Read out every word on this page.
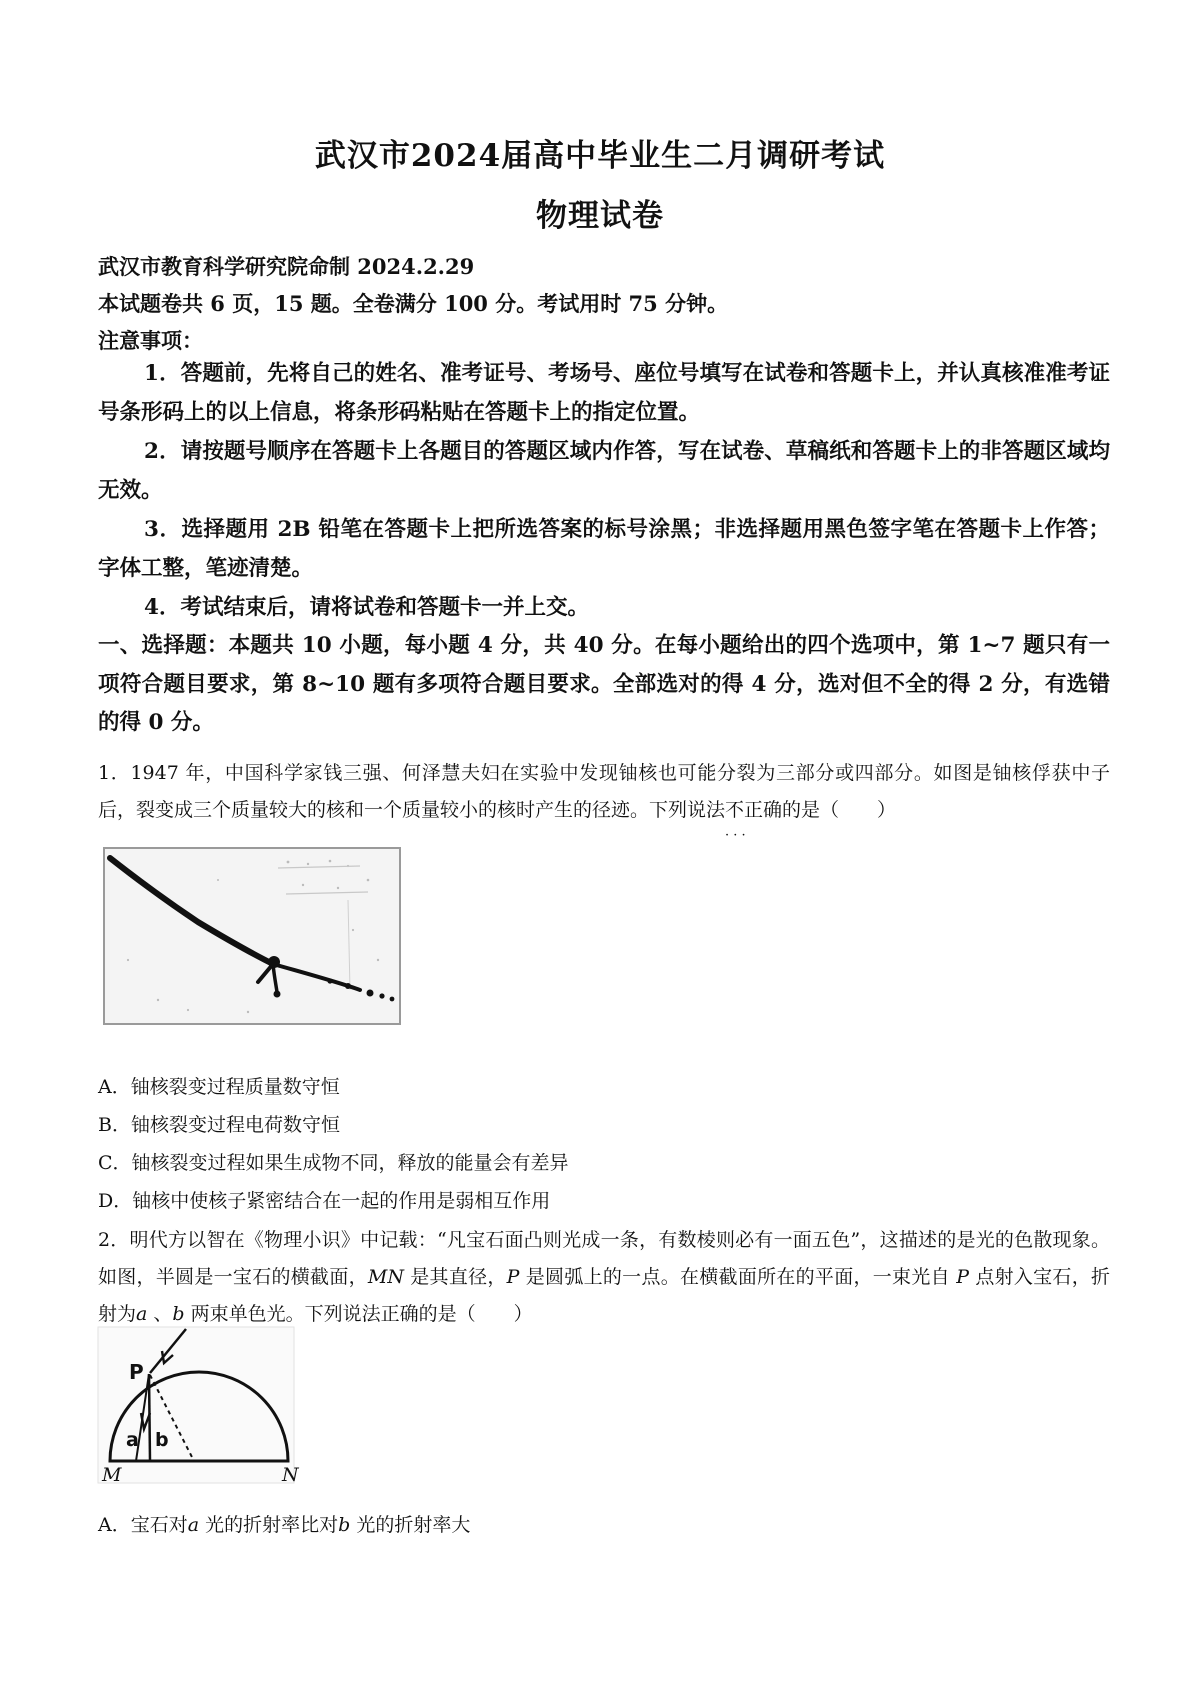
武汉市2024届高中毕业生二月调研考试
物理试卷
武汉市教育科学研究院命制 2024.2.29
本试题卷共 6 页，15 题。全卷满分 100 分。考试用时 75 分钟。
注意事项：
1．答题前，先将自己的姓名、准考证号、考场号、座位号填写在试卷和答题卡上，并认真核准准考证号条形码上的以上信息，将条形码粘贴在答题卡上的指定位置。
2．请按题号顺序在答题卡上各题目的答题区域内作答，写在试卷、草稿纸和答题卡上的非答题区域均无效。
3．选择题用 2B 铅笔在答题卡上把所选答案的标号涂黑；非选择题用黑色签字笔在答题卡上作答；字体工整，笔迹清楚。
4．考试结束后，请将试卷和答题卡一并上交。
一、选择题：本题共 10 小题，每小题 4 分，共 40 分。在每小题给出的四个选项中，第 1~7 题只有一项符合题目要求，第 8~10 题有多项符合题目要求。全部选对的得 4 分，选对但不全的得 2 分，有选错的得 0 分。
1．1947 年，中国科学家钱三强、何泽慧夫妇在实验中发现铀核也可能分裂为三部分或四部分。如图是铀核俘获中子后，裂变成三个质量较大的核和一个质量较小的核时产生的径迹。下列说法不正确 · · ·的是（　　）
A．铀核裂变过程质量数守恒
B．铀核裂变过程电荷数守恒
C．铀核裂变过程如果生成物不同，释放的能量会有差异
D．铀核中使核子紧密结合在一起的作用是弱相互作用
2．明代方以智在《物理小识》中记载：“凡宝石面凸则光成一条，有数棱则必有一面五色”，这描述的是光的色散现象。如图，半圆是一宝石的横截面，MN 是其直径，P 是圆弧上的一点。在横截面所在的平面，一束光自 P 点射入宝石，折射为a 、b 两束单色光。下列说法正确的是（　　）
P
a b
M	N
A．宝石对a 光的折射率比对b 光的折射率大
